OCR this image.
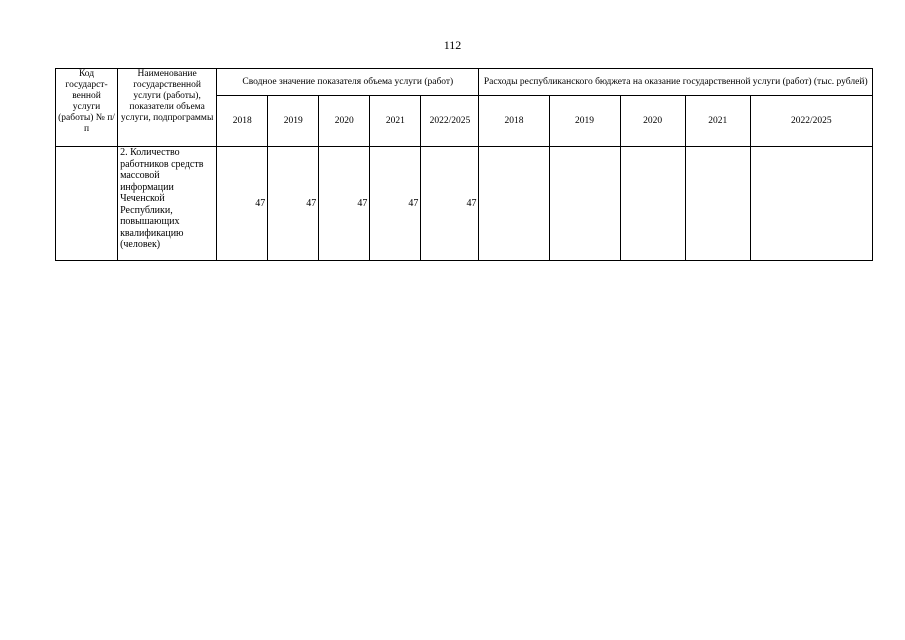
112
Код государст-венной услуги (работы) № п/п	Наименование государственной услуги (работы), показатели объема услуги, подпрограммы	Сводное значение показателя объема услуги (работ)					Расходы республиканского бюджета на оказание государственной услуги (работ) (тыс. рублей)				
		2018	2019	2020	2021	2022/2025	2018	2019	2020	2021	2022/2025
	2. Количество работников средств массовой информации Чеченской Республики, повышающих квалификацию (человек)	47	47	47	47	47					
